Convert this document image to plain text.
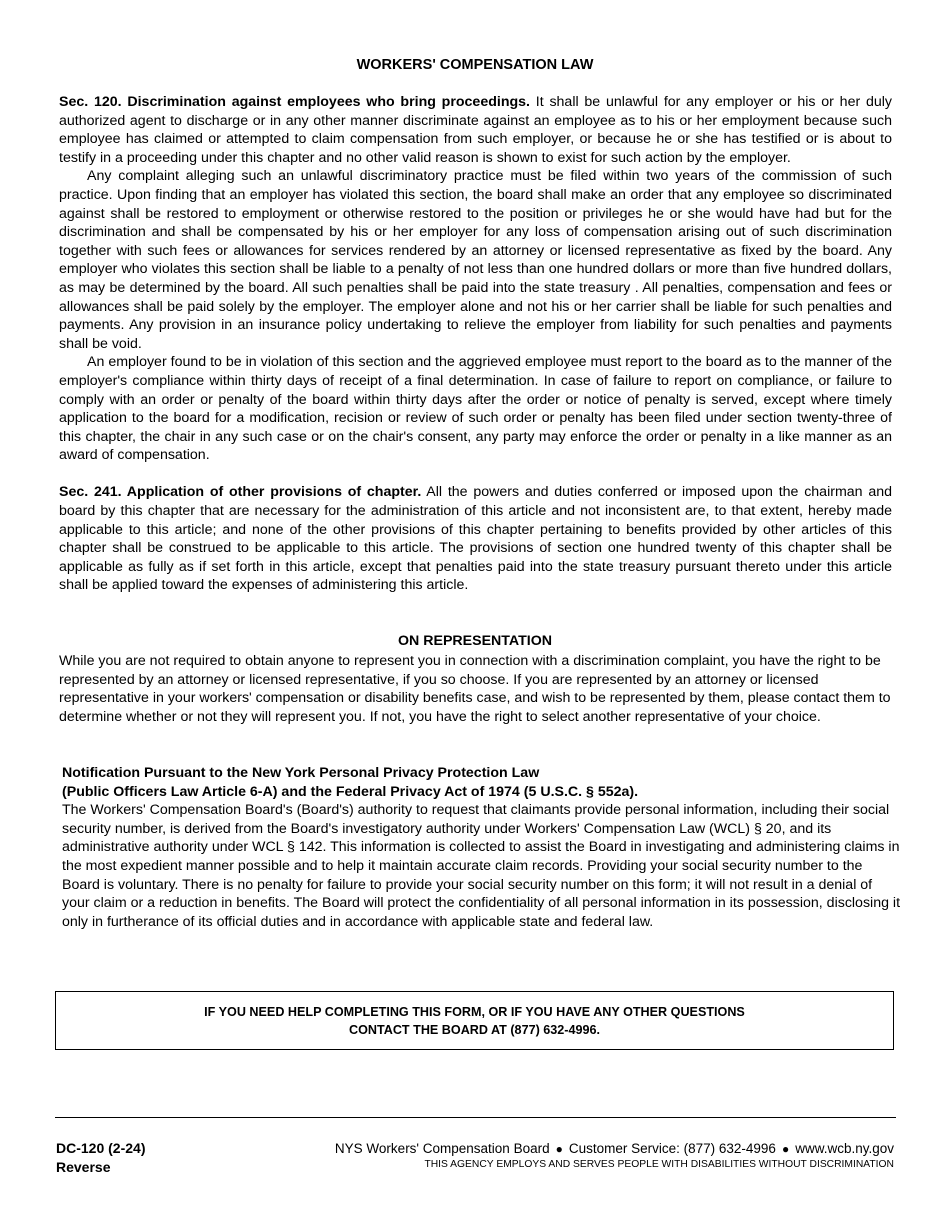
WORKERS' COMPENSATION LAW

Sec. 120. Discrimination against employees who bring proceedings. It shall be unlawful for any employer or his or her duly authorized agent to discharge or in any other manner discriminate against an employee as to his or her employment because such employee has claimed or attempted to claim compensation from such employer, or because he or she has testified or is about to testify in a proceeding under this chapter and no other valid reason is shown to exist for such action by the employer.

Any complaint alleging such an unlawful discriminatory practice must be filed within two years of the commission of such practice. Upon finding that an employer has violated this section, the board shall make an order that any employee so discriminated against shall be restored to employment or otherwise restored to the position or privileges he or she would have had but for the discrimination and shall be compensated by his or her employer for any loss of compensation arising out of such discrimination together with such fees or allowances for services rendered by an attorney or licensed representative as fixed by the board. Any employer who violates this section shall be liable to a penalty of not less than one hundred dollars or more than five hundred dollars, as may be determined by the board. All such penalties shall be paid into the state treasury . All penalties, compensation and fees or allowances shall be paid solely by the employer. The employer alone and not his or her carrier shall be liable for such penalties and payments. Any provision in an insurance policy undertaking to relieve the employer from liability for such penalties and payments shall be void.

An employer found to be in violation of this section and the aggrieved employee must report to the board as to the manner of the employer's compliance within thirty days of receipt of a final determination. In case of failure to report on compliance, or failure to comply with an order or penalty of the board within thirty days after the order or notice of penalty is served, except where timely application to the board for a modification, recision or review of such order or penalty has been filed under section twenty-three of this chapter, the chair in any such case or on the chair's consent, any party may enforce the order or penalty in a like manner as an award of compensation.

Sec. 241. Application of other provisions of chapter. All the powers and duties conferred or imposed upon the chairman and board by this chapter that are necessary for the administration of this article and not inconsistent are, to that extent, hereby made applicable to this article; and none of the other provisions of this chapter pertaining to benefits provided by other articles of this chapter shall be construed to be applicable to this article. The provisions of section one hundred twenty of this chapter shall be applicable as fully as if set forth in this article, except that penalties paid into the state treasury pursuant thereto under this article shall be applied toward the expenses of administering this article.

ON REPRESENTATION

While you are not required to obtain anyone to represent you in connection with a discrimination complaint, you have the right to be represented by an attorney or licensed representative, if you so choose. If you are represented by an attorney or licensed representative in your workers' compensation or disability benefits case, and wish to be represented by them, please contact them to determine whether or not they will represent you. If not, you have the right to select another representative of your choice.

Notification Pursuant to the New York Personal Privacy Protection Law

(Public Officers Law Article 6-A) and the Federal Privacy Act of 1974 (5 U.S.C. § 552a).

The Workers' Compensation Board's (Board's) authority to request that claimants provide personal information, including their social security number, is derived from the Board's investigatory authority under Workers' Compensation Law (WCL) § 20, and its administrative authority under WCL § 142. This information is collected to assist the Board in investigating and administering claims in the most expedient manner possible and to help it maintain accurate claim records. Providing your social security number to the Board is voluntary. There is no penalty for failure to provide your social security number on this form; it will not result in a denial of your claim or a reduction in benefits. The Board will protect the confidentiality of all personal information in its possession, disclosing it only in furtherance of its official duties and in accordance with applicable state and federal law.

IF YOU NEED HELP COMPLETING THIS FORM, OR IF YOU HAVE ANY OTHER QUESTIONS
CONTACT THE BOARD AT (877) 632-4996.
DC-120 (2-24)
Reverse
NYS Workers' Compensation Board ● Customer Service: (877) 632-4996 ● www.wcb.ny.gov
THIS AGENCY EMPLOYS AND SERVES PEOPLE WITH DISABILITIES WITHOUT DISCRIMINATION
